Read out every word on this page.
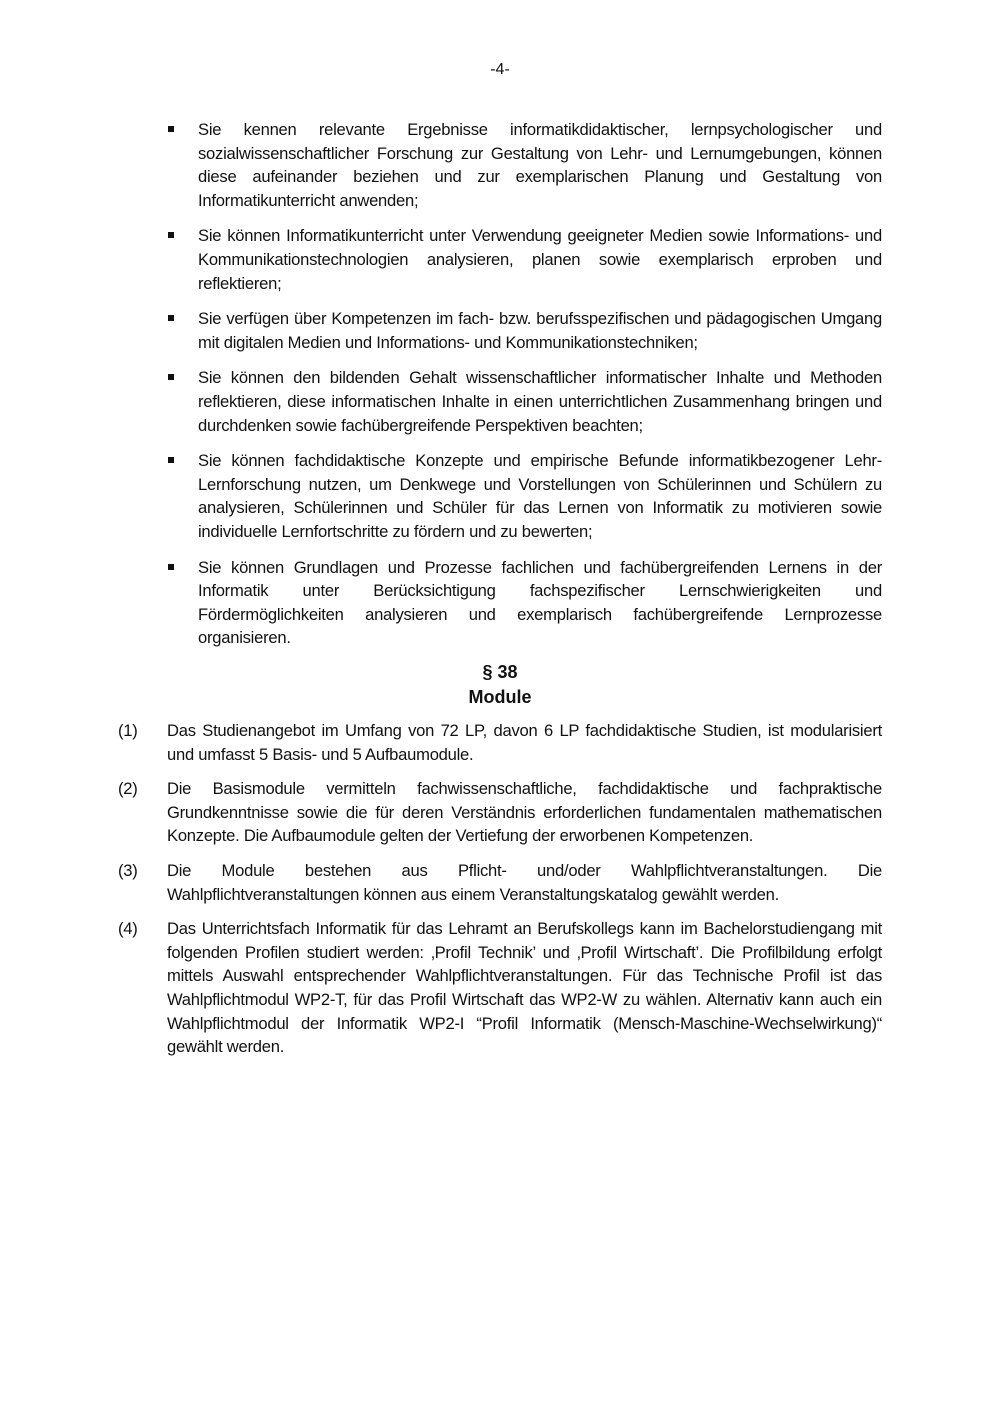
-4-
Sie kennen relevante Ergebnisse informatikdidaktischer, lernpsychologischer und sozialwissenschaftlicher Forschung zur Gestaltung von Lehr- und Lernumgebungen, können diese aufeinander beziehen und zur exemplarischen Planung und Gestaltung von Informatikunterricht anwenden;
Sie können Informatikunterricht unter Verwendung geeigneter Medien sowie Informations- und Kommunikationstechnologien analysieren, planen sowie exemplarisch erproben und reflektieren;
Sie verfügen über Kompetenzen im fach- bzw. berufsspezifischen und pädagogischen Umgang mit digitalen Medien und Informations- und Kommunikationstechniken;
Sie können den bildenden Gehalt wissenschaftlicher informatischer Inhalte und Methoden reflektieren, diese informatischen Inhalte in einen unterrichtlichen Zusammenhang bringen und durchdenken sowie fachübergreifende Perspektiven beachten;
Sie können fachdidaktische Konzepte und empirische Befunde informatikbezogener Lehr-Lernforschung nutzen, um Denkwege und Vorstellungen von Schülerinnen und Schülern zu analysieren, Schülerinnen und Schüler für das Lernen von Informatik zu motivieren sowie individuelle Lernfortschritte zu fördern und zu bewerten;
Sie können Grundlagen und Prozesse fachlichen und fachübergreifenden Lernens in der Informatik unter Berücksichtigung fachspezifischer Lernschwierigkeiten und Fördermöglichkeiten analysieren und exemplarisch fachübergreifende Lernprozesse organisieren.
§ 38
Module
(1) Das Studienangebot im Umfang von 72 LP, davon 6 LP fachdidaktische Studien, ist modularisiert und umfasst 5 Basis- und 5 Aufbaumodule.
(2) Die Basismodule vermitteln fachwissenschaftliche, fachdidaktische und fachpraktische Grundkenntnisse sowie die für deren Verständnis erforderlichen fundamentalen mathematischen Konzepte. Die Aufbaumodule gelten der Vertiefung der erworbenen Kompetenzen.
(3) Die Module bestehen aus Pflicht- und/oder Wahlpflichtveranstaltungen. Die Wahlpflichtveranstaltungen können aus einem Veranstaltungskatalog gewählt werden.
(4) Das Unterrichtsfach Informatik für das Lehramt an Berufskollegs kann im Bachelorstudiengang mit folgenden Profilen studiert werden: ‚Profil Technik’ und ‚Profil Wirtschaft’. Die Profilbildung erfolgt mittels Auswahl entsprechender Wahlpflichtveranstaltungen. Für das Technische Profil ist das Wahlpflichtmodul WP2-T, für das Profil Wirtschaft das WP2-W zu wählen. Alternativ kann auch ein Wahlpflichtmodul der Informatik WP2-I “Profil Informatik (Mensch-Maschine-Wechselwirkung)“ gewählt werden.
